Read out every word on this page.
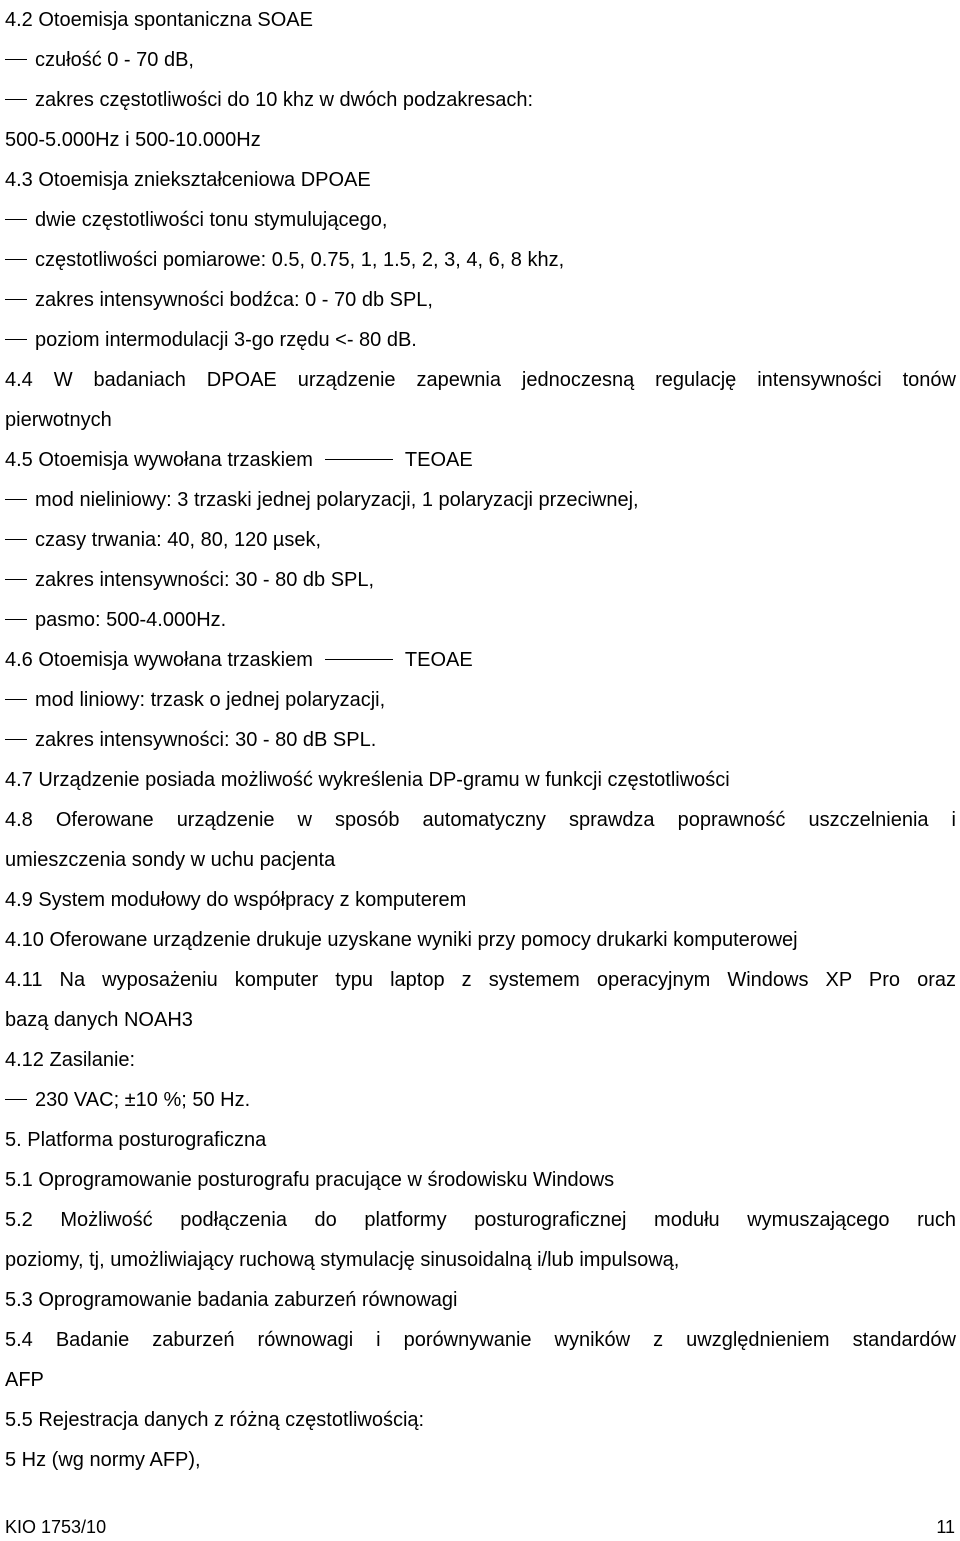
4.2 Otoemisja spontaniczna SOAE
czułość 0 - 70 dB,
zakres częstotliwości do 10 khz w dwóch podzakresach:
500-5.000Hz i 500-10.000Hz
4.3 Otoemisja zniekształceniowa DPOAE
dwie częstotliwości tonu stymulującego,
częstotliwości pomiarowe: 0.5, 0.75, 1, 1.5, 2, 3, 4, 6, 8 khz,
zakres intensywności bodźca: 0 - 70 db SPL,
poziom intermodulacji 3-go rzędu <- 80 dB.
4.4 W badaniach DPOAE urządzenie zapewnia jednoczesną regulację intensywności tonów
pierwotnych
4.5 Otoemisja wywołana trzaskiem	TEOAE
mod nieliniowy: 3 trzaski jednej polaryzacji, 1 polaryzacji przeciwnej,
czasy trwania: 40, 80, 120 µsek,
zakres intensywności: 30 - 80 db SPL,
pasmo: 500-4.000Hz.
4.6 Otoemisja wywołana trzaskiem	TEOAE
mod liniowy: trzask o jednej polaryzacji,
zakres intensywności: 30 - 80 dB SPL.
4.7 Urządzenie posiada możliwość wykreślenia DP-gramu w funkcji częstotliwości
4.8 Oferowane urządzenie w sposób automatyczny sprawdza poprawność uszczelnienia i
umieszczenia sondy w uchu pacjenta
4.9 System modułowy do współpracy z komputerem
4.10 Oferowane urządzenie drukuje uzyskane wyniki przy pomocy drukarki komputerowej
4.11 Na wyposażeniu komputer typu laptop z systemem operacyjnym Windows XP Pro oraz
bazą danych NOAH3
4.12 Zasilanie:
230 VAC; ±10 %; 50 Hz.
5. Platforma posturograficzna
5.1 Oprogramowanie posturografu pracujące w środowisku Windows
5.2 Możliwość podłączenia do platformy posturograficznej modułu wymuszającego ruch
poziomy, tj, umożliwiający ruchową stymulację sinusoidalną i/lub impulsową,
5.3 Oprogramowanie badania zaburzeń równowagi
5.4 Badanie zaburzeń równowagi i porównywanie wyników z uwzględnieniem standardów
AFP
5.5 Rejestracja danych z różną częstotliwością:
5 Hz (wg normy AFP),
KIO 1753/10	11
